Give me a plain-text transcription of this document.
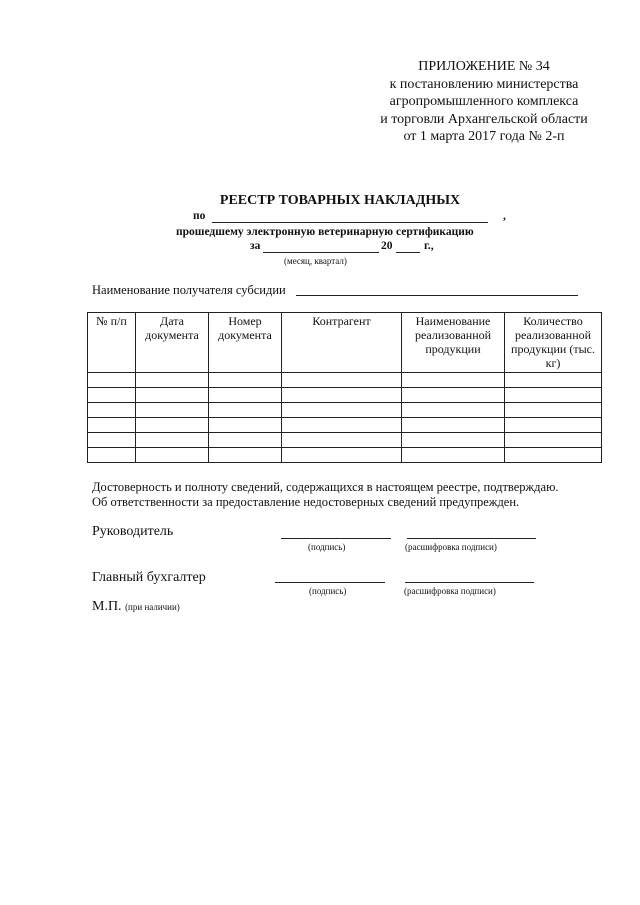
ПРИЛОЖЕНИЕ № 34
к постановлению министерства
агропромышленного комплекса
и торговли Архангельской области
от 1 марта 2017 года № 2-п
РЕЕСТР ТОВАРНЫХ НАКЛАДНЫХ
по	,
прошедшему электронную ветеринарную сертификацию
за	20	г.,
(месяц, квартал)
Наименование получателя субсидии
№ п/п	Дата документа	Номер документа	Контрагент	Наименование реализованной продукции	Количество реализованной продукции (тыс. кг)

Достоверность и полноту сведений, содержащихся в настоящем реестре, подтверждаю.
Об ответственности за предоставление недостоверных сведений предупрежден.
Руководитель
(подпись)	(расшифровка подписи)
Главный бухгалтер
(подпись)	(расшифровка подписи)
М.П. (при наличии)
